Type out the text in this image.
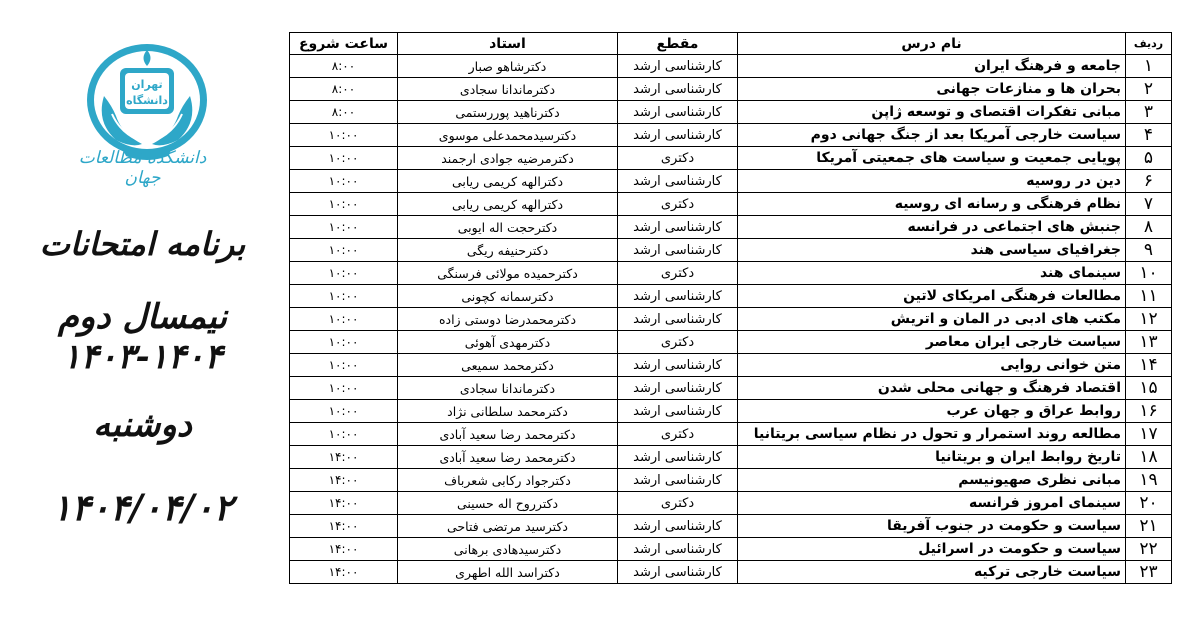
تهران
دانشگاه
دانشکده مطالعات جهان
برنامه امتحانات
نیمسال دوم ۱۴۰۴-۱۴۰۳
دوشنبه
۱۴۰۴/۰۴/۰۲
ردیف	نام درس	مقطع	استاد	ساعت شروع
۱	جامعه و فرهنگ ایران	کارشناسی ارشد	دکترشاهو صبار	۸:۰۰
۲	بحران ها و منازعات جهانی	کارشناسی ارشد	دکترماندانا سجادی	۸:۰۰
۳	مبانی تفکرات اقتصای و توسعه ژاپن	کارشناسی ارشد	دکترناهید پوررستمی	۸:۰۰
۴	سیاست خارجی آمریکا بعد از جنگ جهانی دوم	کارشناسی ارشد	دکترسیدمحمدعلی موسوی	۱۰:۰۰
۵	پویایی جمعیت و سیاست های جمعیتی آمریکا	دکتری	دکترمرضیه جوادی ارجمند	۱۰:۰۰
۶	دین در روسیه	کارشناسی ارشد	دکترالهه کریمی ریابی	۱۰:۰۰
۷	نظام فرهنگی و رسانه ای روسیه	دکتری	دکترالهه کریمی ریابی	۱۰:۰۰
۸	جنبش های اجتماعی در فرانسه	کارشناسی ارشد	دکترحجت اله ایوبی	۱۰:۰۰
۹	جغرافیای سیاسی هند	کارشناسی ارشد	دکترحنیفه ریگی	۱۰:۰۰
۱۰	سینمای هند	دکتری	دکترحمیده مولائی فرسنگی	۱۰:۰۰
۱۱	مطالعات فرهنگی امریکای لاتین	کارشناسی ارشد	دکترسمانه کچونی	۱۰:۰۰
۱۲	مکتب های ادبی در المان و اتریش	کارشناسی ارشد	دکترمحمدرضا دوستی زاده	۱۰:۰۰
۱۳	سیاست خارجی ایران معاصر	دکتری	دکترمهدی آهوئی	۱۰:۰۰
۱۴	متن خوانی روایی	کارشناسی ارشد	دکترمحمد سمیعی	۱۰:۰۰
۱۵	اقتصاد فرهنگ و جهانی محلی شدن	کارشناسی ارشد	دکترماندانا سجادی	۱۰:۰۰
۱۶	روابط عراق و جهان عرب	کارشناسی ارشد	دکترمحمد سلطانی نژاد	۱۰:۰۰
۱۷	مطالعه روند استمرار و تحول در نظام سیاسی بریتانیا	دکتری	دکترمحمد رضا سعید آبادی	۱۰:۰۰
۱۸	تاریخ روابط ایران و بریتانیا	کارشناسی ارشد	دکترمحمد رضا سعید آبادی	۱۴:۰۰
۱۹	مبانی نظری صهیونیسم	کارشناسی ارشد	دکترجواد رکابی شعرباف	۱۴:۰۰
۲۰	سینمای امروز فرانسه	دکتری	دکترروح اله حسینی	۱۴:۰۰
۲۱	سیاست و حکومت در جنوب آفریقا	کارشناسی ارشد	دکترسید مرتضی فتاحی	۱۴:۰۰
۲۲	سیاست و حکومت در اسرائیل	کارشناسی ارشد	دکترسیدهادی برهانی	۱۴:۰۰
۲۳	سیاست خارجی ترکیه	کارشناسی ارشد	دکتراسد الله اطهری	۱۴:۰۰
